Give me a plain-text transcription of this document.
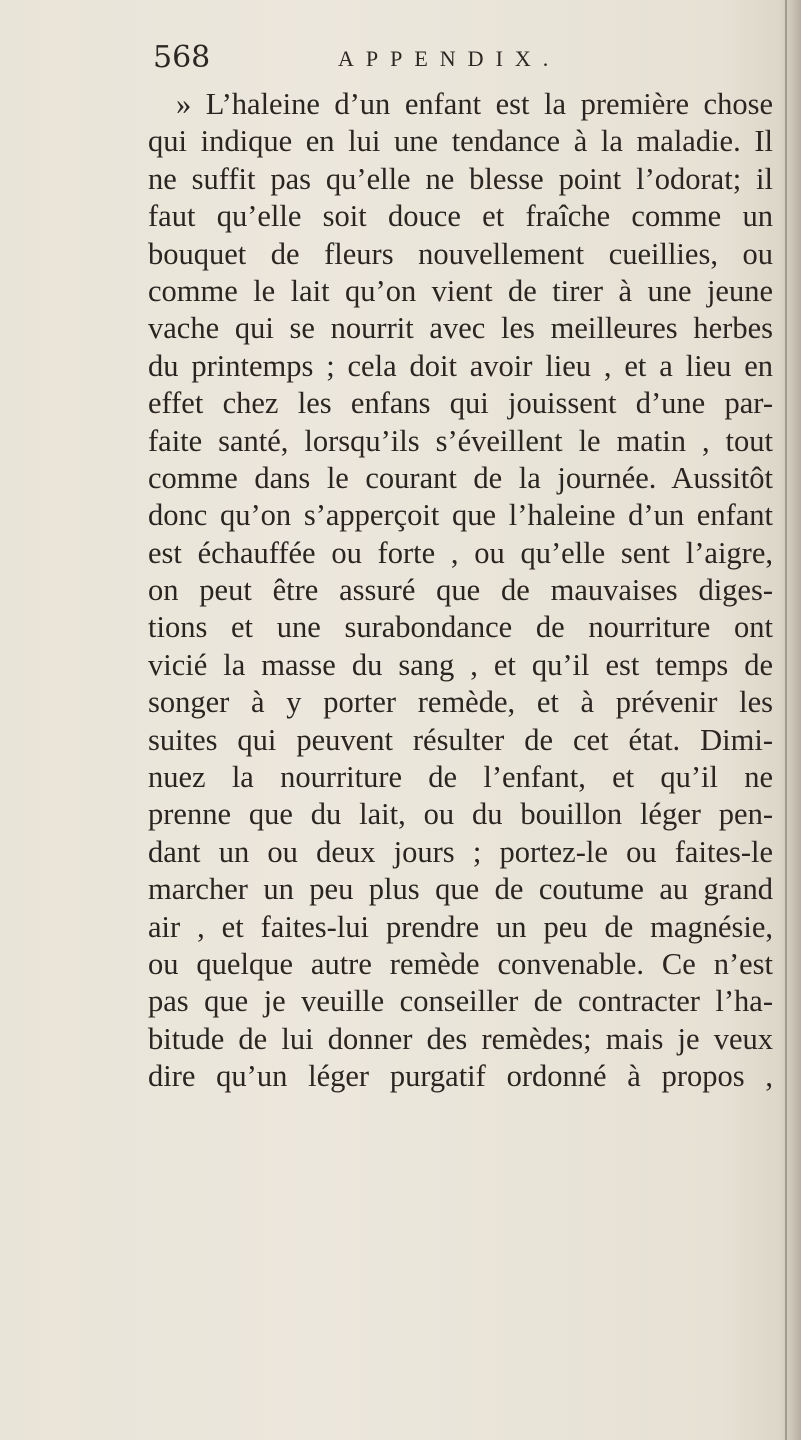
568	APPENDIX.
» L’haleine d’un enfant est la première chose
qui indique en lui une tendance à la maladie. Il
ne suffit pas qu’elle ne blesse point l’odorat; il
faut qu’elle soit douce et fraîche comme un
bouquet de fleurs nouvellement cueillies, ou
comme le lait qu’on vient de tirer à une jeune
vache qui se nourrit avec les meilleures herbes
du printemps ; cela doit avoir lieu , et a lieu en
effet chez les enfans qui jouissent d’une par-
faite santé, lorsqu’ils s’éveillent le matin , tout
comme dans le courant de la journée. Aussitôt
donc qu’on s’apperçoit que l’haleine d’un enfant
est échauffée ou forte , ou qu’elle sent l’aigre,
on peut être assuré que de mauvaises diges-
tions et une surabondance de nourriture ont
vicié la masse du sang , et qu’il est temps de
songer à y porter remède, et à prévenir les
suites qui peuvent résulter de cet état. Dimi-
nuez la nourriture de l’enfant, et qu’il ne
prenne que du lait, ou du bouillon léger pen-
dant un ou deux jours ; portez-le ou faites-le
marcher un peu plus que de coutume au grand
air , et faites-lui prendre un peu de magnésie,
ou quelque autre remède convenable. Ce n’est
pas que je veuille conseiller de contracter l’ha-
bitude de lui donner des remèdes; mais je veux
dire qu’un léger purgatif ordonné à propos ,
